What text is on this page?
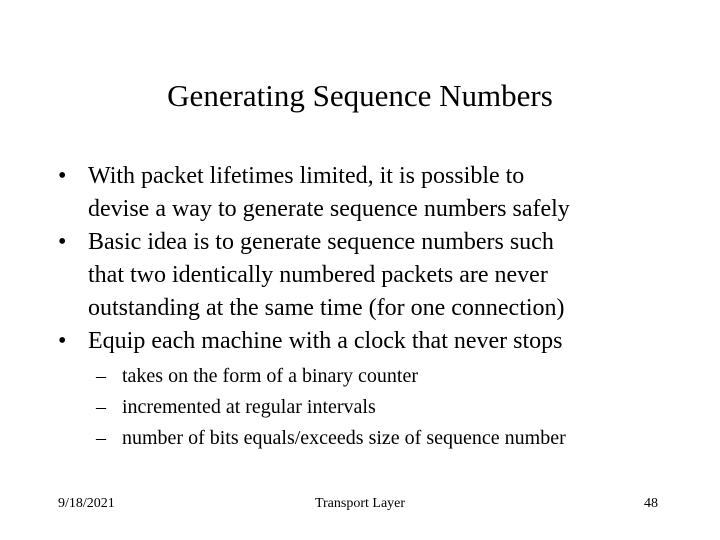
Generating Sequence Numbers
• With packet lifetimes limited, it is possible to
devise a way to generate sequence numbers safely
• Basic idea is to generate sequence numbers such
that two identically numbered packets are never
outstanding at the same time (for one connection)
• Equip each machine with a clock that never stops
– takes on the form of a binary counter
– incremented at regular intervals
– number of bits equals/exceeds size of sequence number
9/18/2021	Transport Layer	48
